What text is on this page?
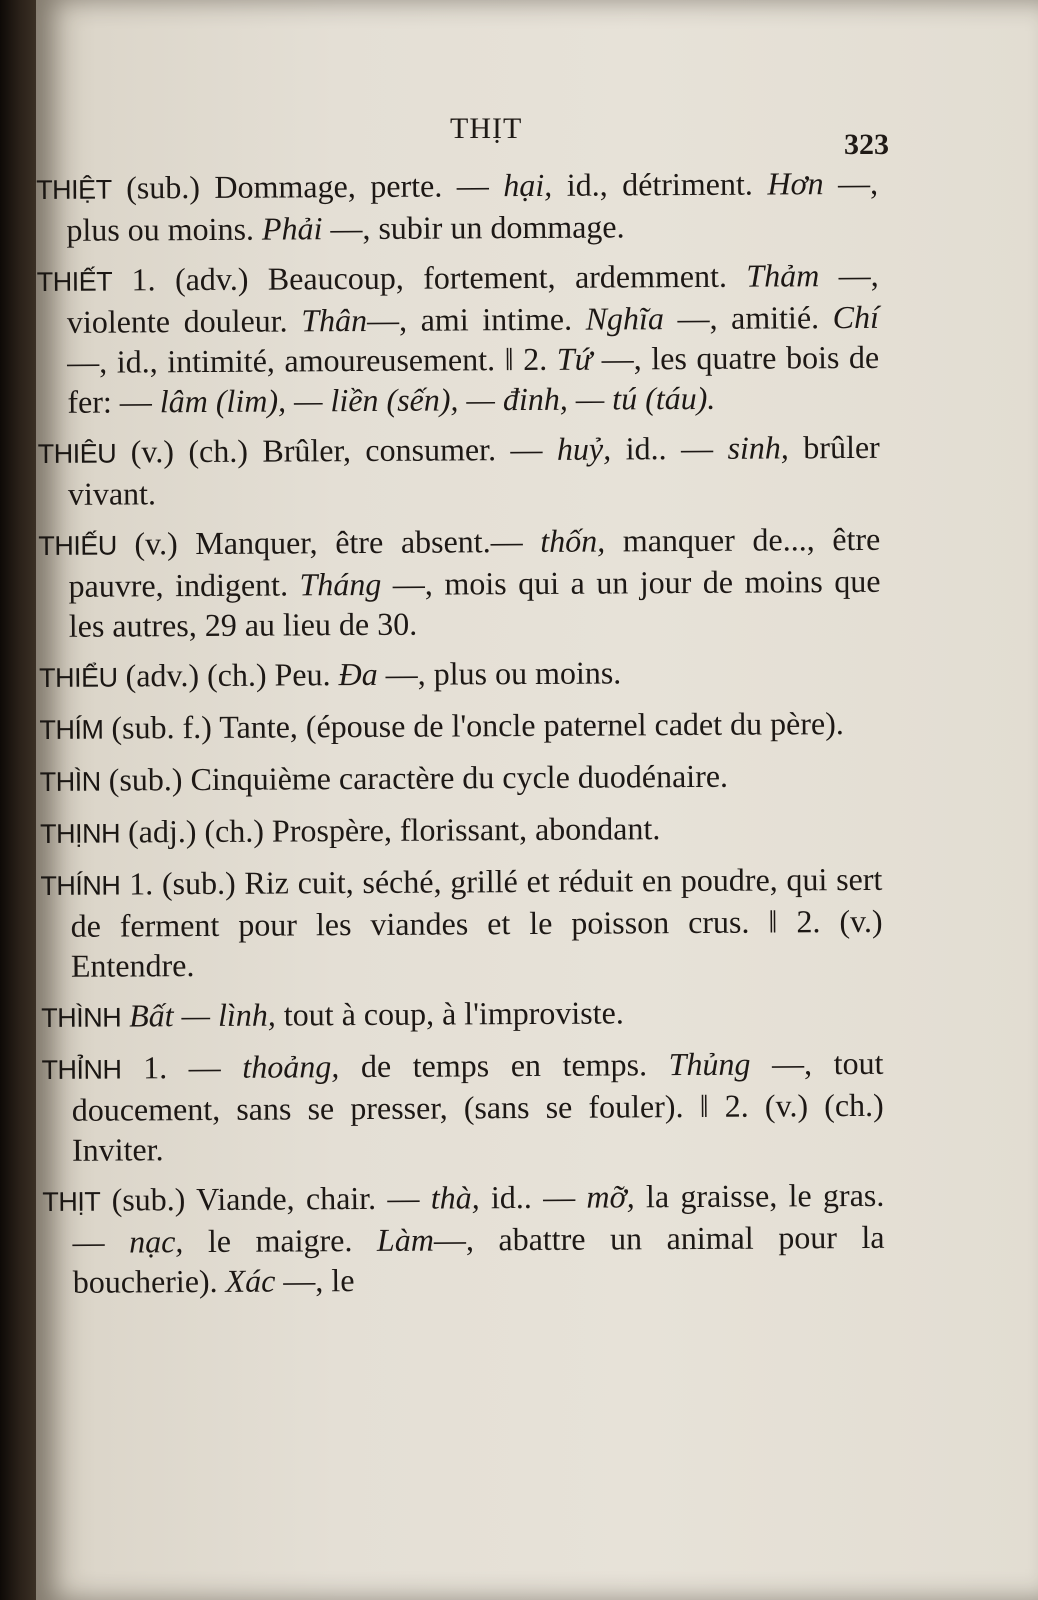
THỊT	323
THIỆT (sub.) Dommage, perte. — hại, id., détriment. Hơn —, plus ou moins. Phải —, subir un dommage.
THIẾT 1. (adv.) Beaucoup, fortement, ardemment. Thảm —, violente douleur. Thân—, ami intime. Nghĩa —, amitié. Chí —, id., intimité, amoureusement. ǁ 2. Tứ —, les quatre bois de fer: — lâm (lim), — liền (sến), — đinh, — tú (táu).
THIÊU (v.) (ch.) Brûler, consumer. — huỷ, id.. — sinh, brûler vivant.
THIẾU (v.) Manquer, être absent.— thốn, manquer de..., être pauvre, indigent. Tháng —, mois qui a un jour de moins que les autres, 29 au lieu de 30.
THIỂU (adv.) (ch.) Peu. Đa —, plus ou moins.
THÍM (sub. f.) Tante, (épouse de l'oncle paternel cadet du père).
THÌN (sub.) Cinquième caractère du cycle duodénaire.
THỊNH (adj.) (ch.) Prospère, florissant, abondant.
THÍNH 1. (sub.) Riz cuit, séché, grillé et réduit en poudre, qui sert de ferment pour les viandes et le poisson crus. ǁ 2. (v.) Entendre.
THÌNH Bất — lình, tout à coup, à l'improviste.
THỈNH 1. — thoảng, de temps en temps. Thủng —, tout doucement, sans se presser, (sans se fouler). ǁ 2. (v.) (ch.) Inviter.
THỊT (sub.) Viande, chair. — thà, id.. — mỡ, la graisse, le gras. — nạc, le maigre. Làm—, abattre un animal pour la boucherie). Xác —, le
